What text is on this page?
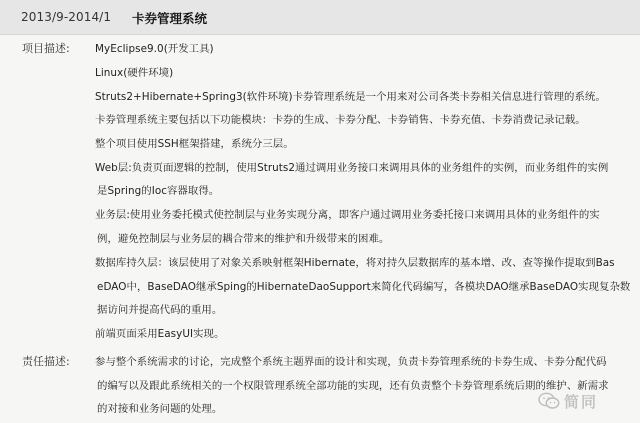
2013/9-2014/1 卡券管理系统
项目描述: MyEclipse9.0(开发工具)
Linux(硬件环境)
Struts2+Hibernate+Spring3(软件环境)卡券管理系统是一个用来对公司各类卡券相关信息进行管理的系统。
卡券管理系统主要包括以下功能模块：卡券的生成、卡券分配、卡券销售、卡券充值、卡券消费记录记载。
整个项目使用SSH框架搭建，系统分三层。
Web层:负责页面逻辑的控制，使用Struts2通过调用业务接口来调用具体的业务组件的实例，而业务组件的实例
是Spring的Ioc容器取得。
业务层:使用业务委托模式使控制层与业务实现分离，即客户通过调用业务委托接口来调用具体的业务组件的实
例，避免控制层与业务层的耦合带来的维护和升级带来的困难。
数据库持久层：该层使用了对象关系映射框架Hibernate，将对持久层数据库的基本增、改、查等操作提取到Bas
eDAO中，BaseDAO继承Sping的HibernateDaoSupport来简化代码编写，各模块DAO继承BaseDAO实现复杂数
据访问并提高代码的重用。
前端页面采用EasyUI实现。
责任描述: 参与整个系统需求的讨论，完成整个系统主题界面的设计和实现，负责卡券管理系统的卡券生成、卡券分配代码
的编写以及跟此系统相关的一个权限管理系统全部功能的实现，还有负责整个卡券管理系统后期的维护、新需求
的对接和业务问题的处理。	简同
